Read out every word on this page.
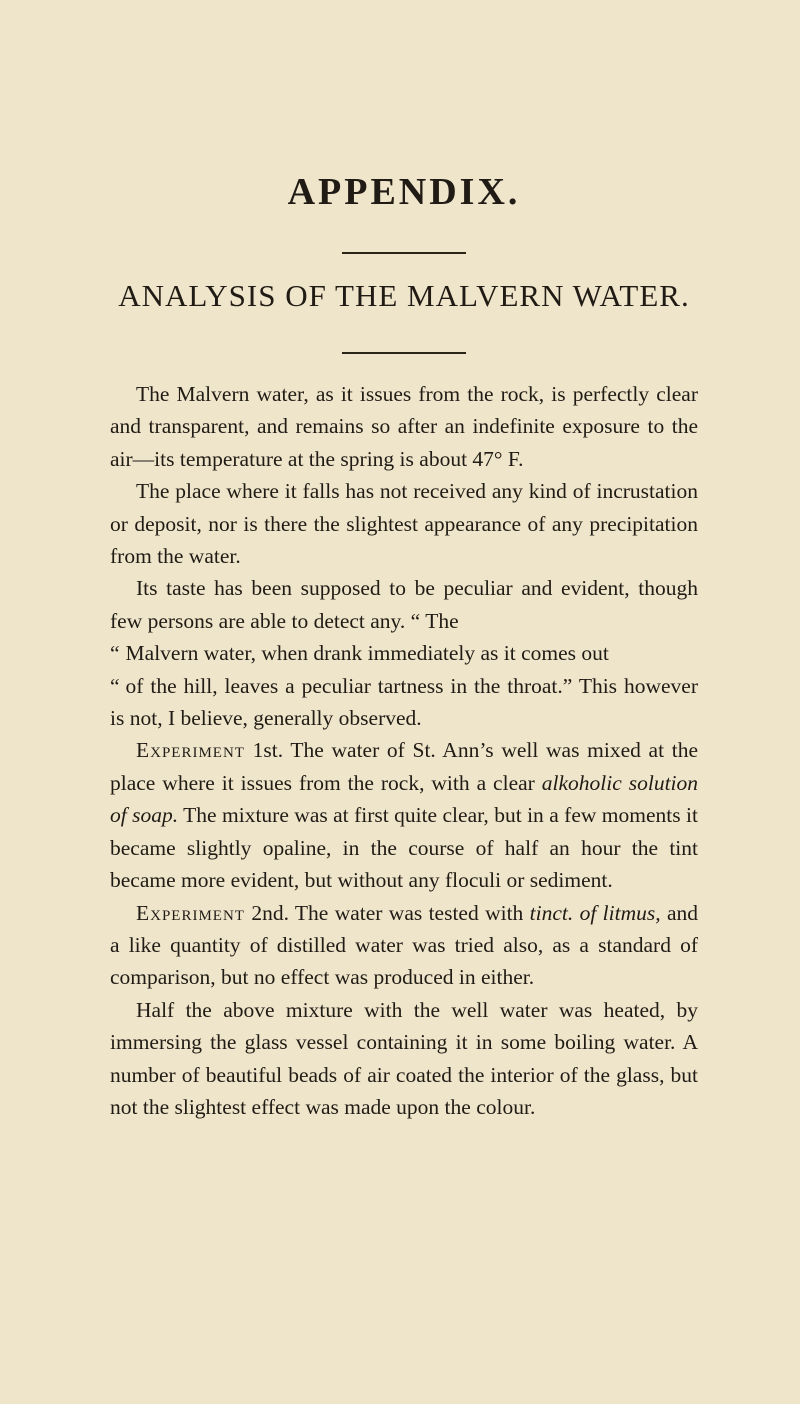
APPENDIX.
ANALYSIS OF THE MALVERN WATER.

The Malvern water, as it issues from the rock, is perfectly clear and transparent, and remains so after an indefinite exposure to the air—its temperature at the spring is about 47° F.

The place where it falls has not received any kind of incrustation or deposit, nor is there the slightest appearance of any precipitation from the water.

Its taste has been supposed to be peculiar and evident, though few persons are able to detect any. “ The
“ Malvern water, when drank immediately as it comes out
“ of the hill, leaves a peculiar tartness in the throat.” This however is not, I believe, generally observed.

Experiment 1st. The water of St. Ann’s well was mixed at the place where it issues from the rock, with a clear alkoholic solution of soap. The mixture was at first quite clear, but in a few moments it became slightly opaline, in the course of half an hour the tint became more evident, but without any floculi or sediment.

Experiment 2nd. The water was tested with tinct. of litmus, and a like quantity of distilled water was tried also, as a standard of comparison, but no effect was produced in either.

Half the above mixture with the well water was heated, by immersing the glass vessel containing it in some boiling water. A number of beautiful beads of air coated the interior of the glass, but not the slightest effect was made upon the colour.
